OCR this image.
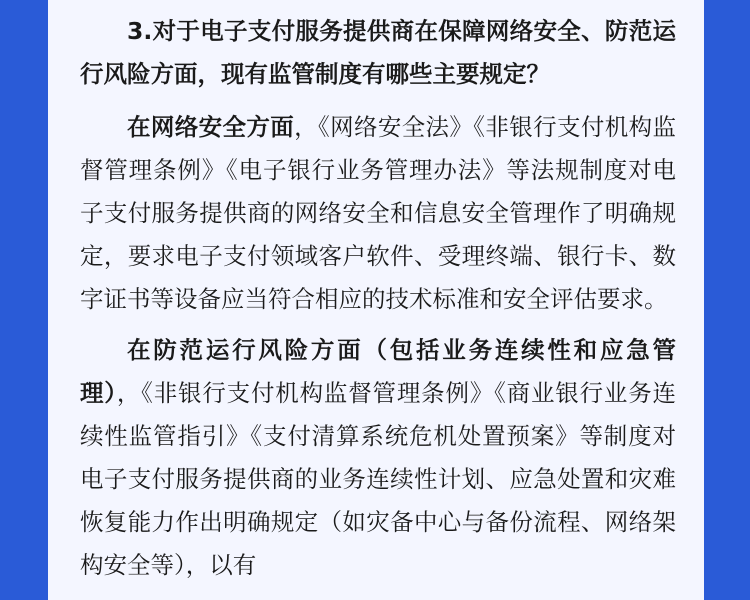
3.对于电子支付服务提供商在保障网络安全、防范运行风险方面，现有监管制度有哪些主要规定？

在网络安全方面，《网络安全法》《非银行支付机构监督管理条例》《电子银行业务管理办法》等法规制度对电子支付服务提供商的网络安全和信息安全管理作了明确规定，要求电子支付领域客户软件、受理终端、银行卡、数字证书等设备应当符合相应的技术标准和安全评估要求。

在防范运行风险方面（包括业务连续性和应急管理），《非银行支付机构监督管理条例》《商业银行业务连续性监管指引》《支付清算系统危机处置预案》等制度对电子支付服务提供商的业务连续性计划、应急处置和灾难恢复能力作出明确规定（如灾备中心与备份流程、网络架构安全等），以有
